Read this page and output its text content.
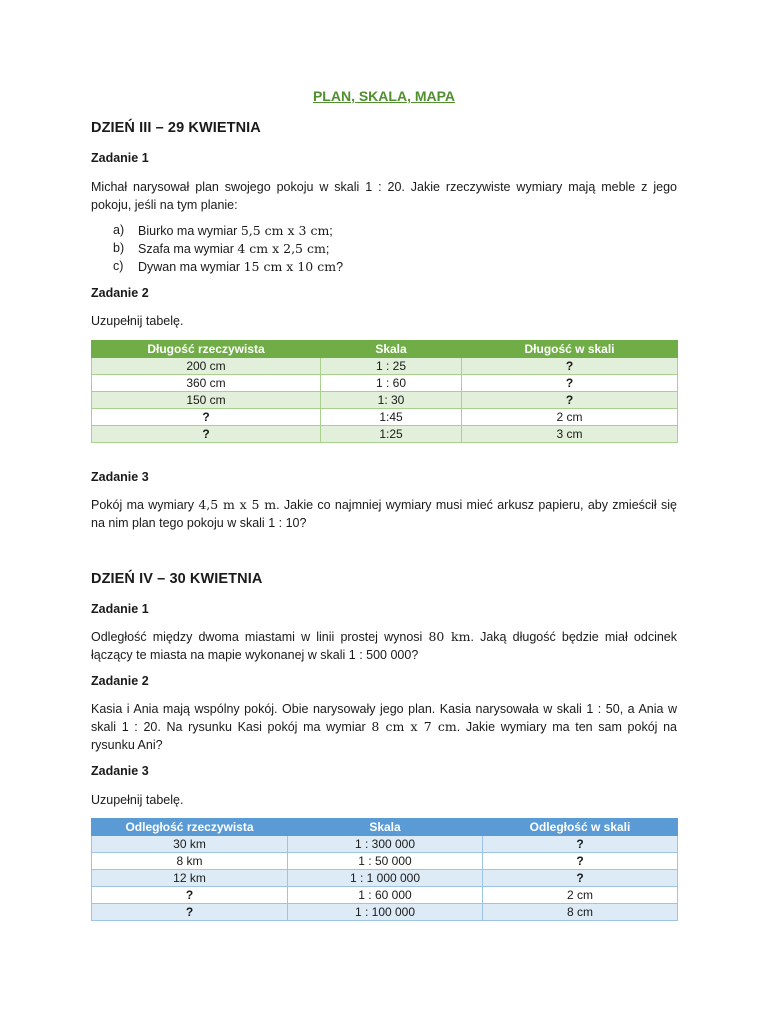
PLAN, SKALA, MAPA
DZIEŃ III – 29 KWIETNIA
Zadanie 1
Michał narysował plan swojego pokoju w skali 1 : 20. Jakie rzeczywiste wymiary mają meble z jego pokoju, jeśli na tym planie:
a)	Biurko ma wymiar 5,5 cm x 3 cm;
b)	Szafa ma wymiar 4 cm x 2,5 cm;
c)	Dywan ma wymiar 15 cm x 10 cm?
Zadanie 2
Uzupełnij tabelę.
Długość rzeczywista	Skala	Długość w skali
200 cm	1 : 25	?
360 cm	1 : 60	?
150 cm	1: 30	?
?	1:45	2 cm
?	1:25	3 cm
Zadanie 3
Pokój ma wymiary 4,5 m x 5 m. Jakie co najmniej wymiary musi mieć arkusz papieru, aby zmieścił się na nim plan tego pokoju w skali 1 : 10?
DZIEŃ IV – 30 KWIETNIA
Zadanie 1
Odległość między dwoma miastami w linii prostej wynosi 80 km. Jaką długość będzie miał odcinek łączący te miasta na mapie wykonanej w skali 1 : 500 000?
Zadanie 2
Kasia i Ania mają wspólny pokój. Obie narysowały jego plan. Kasia narysowała w skali 1 : 50, a Ania w skali 1 : 20. Na rysunku Kasi pokój ma wymiar 8 cm x 7 cm. Jakie wymiary ma ten sam pokój na rysunku Ani?
Zadanie 3
Uzupełnij tabelę.
Odległość rzeczywista	Skala	Odległość w skali
30 km	1 : 300 000	?
8 km	1 : 50 000	?
12 km	1 : 1 000 000	?
?	1 : 60 000	2 cm
?	1 : 100 000	8 cm
